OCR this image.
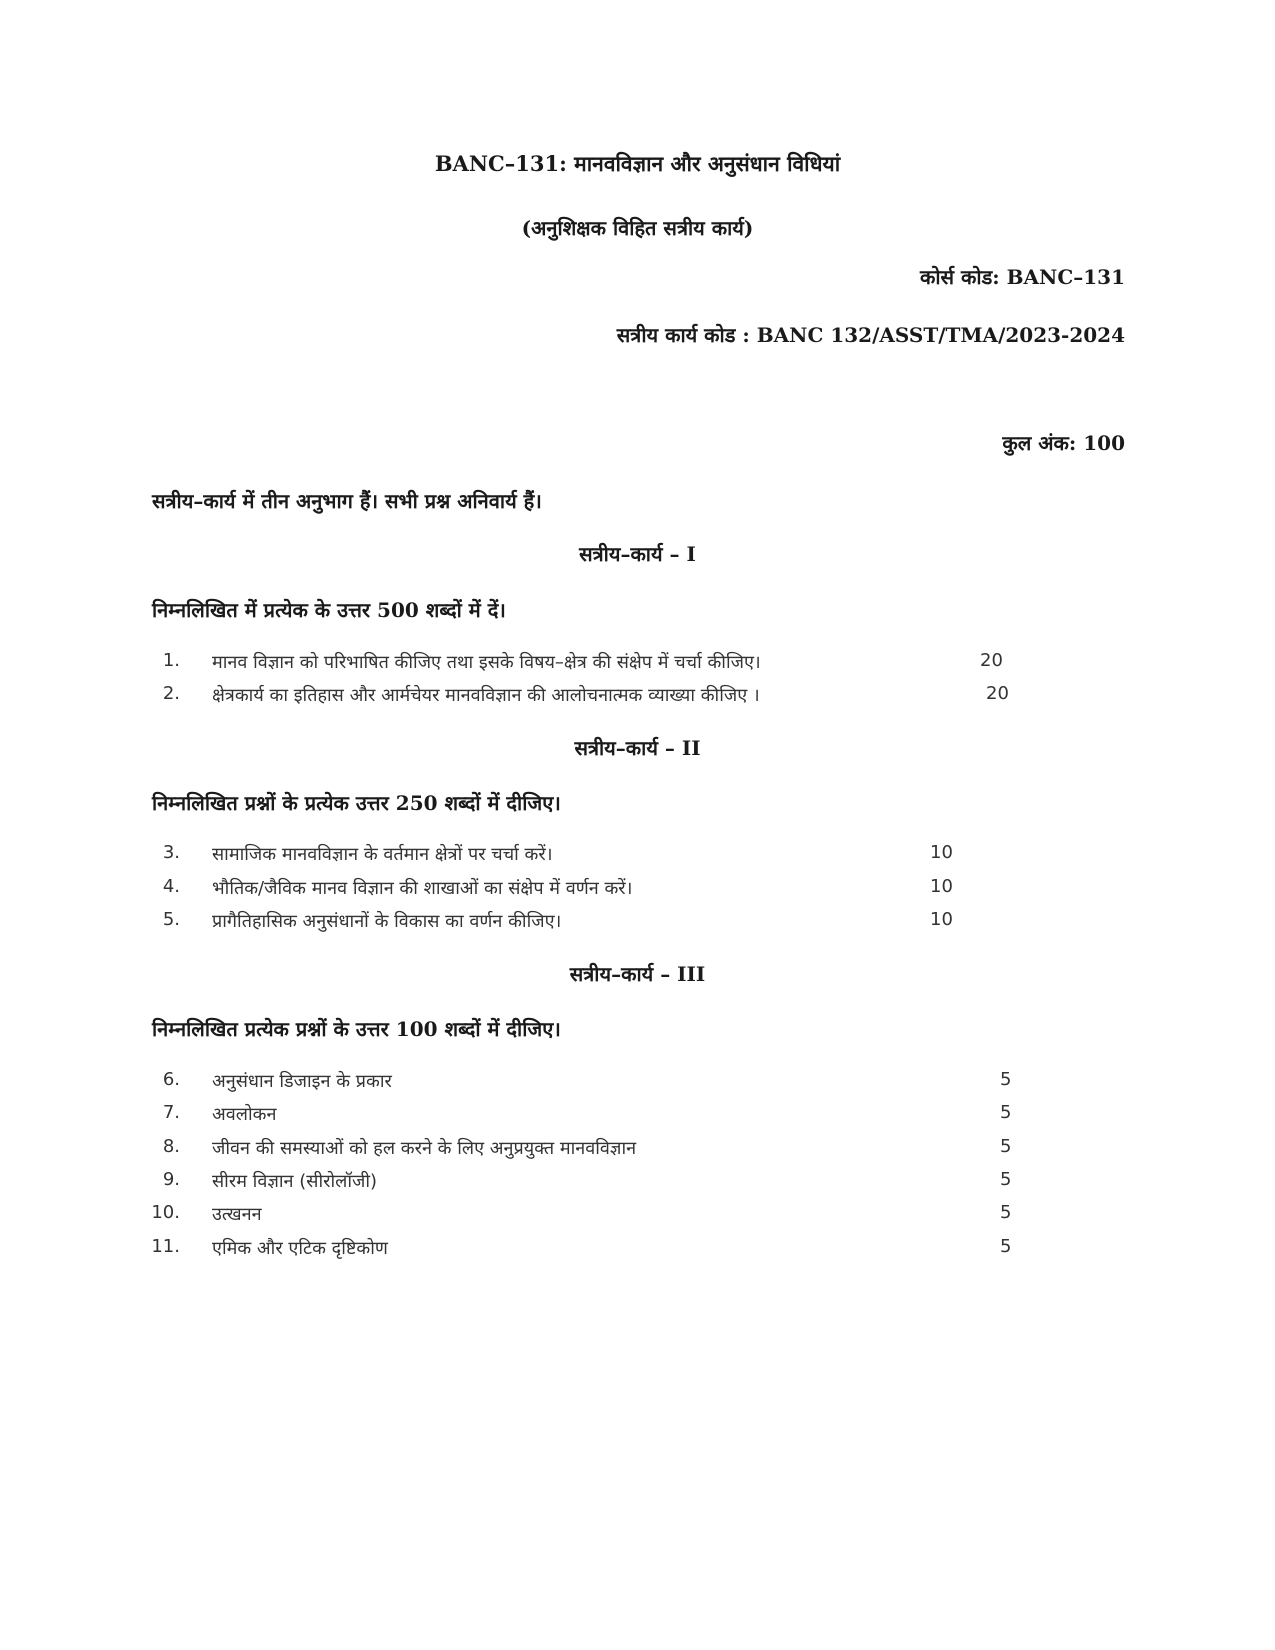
BANC–131: मानवविज्ञान और अनुसंधान विधियां
(अनुशिक्षक विहित सत्रीय कार्य)
कोर्स कोड: BANC–131
सत्रीय कार्य कोड : BANC 132/ASST/TMA/2023-2024
कुल अंक: 100
सत्रीय–कार्य में तीन अनुभाग हैं। सभी प्रश्न अनिवार्य हैं।
सत्रीय–कार्य – I
निम्नलिखित में प्रत्येक के उत्तर 500 शब्दों में दें।
1. मानव विज्ञान को परिभाषित कीजिए तथा इसके विषय–क्षेत्र की संक्षेप में चर्चा कीजिए।	20
2. क्षेत्रकार्य का इतिहास और आर्मचेयर मानवविज्ञान की आलोचनात्मक व्याख्या कीजिए ।	20
सत्रीय–कार्य – II
निम्नलिखित प्रश्नों के प्रत्येक उत्तर 250 शब्दों में दीजिए।
3. सामाजिक मानवविज्ञान के वर्तमान क्षेत्रों पर चर्चा करें।	10
4. भौतिक/जैविक मानव विज्ञान की शाखाओं का संक्षेप में वर्णन करें।	10
5. प्रागैतिहासिक अनुसंधानों के विकास का वर्णन कीजिए।	10
सत्रीय–कार्य – III
निम्नलिखित प्रत्येक प्रश्नों के उत्तर 100 शब्दों में दीजिए।
6. अनुसंधान डिजाइन के प्रकार	5
7. अवलोकन	5
8. जीवन की समस्याओं को हल करने के लिए अनुप्रयुक्त मानवविज्ञान	5
9. सीरम विज्ञान (सीरोलॉजी)	5
10. उत्खनन	5
11. एमिक और एटिक दृष्टिकोण	5
